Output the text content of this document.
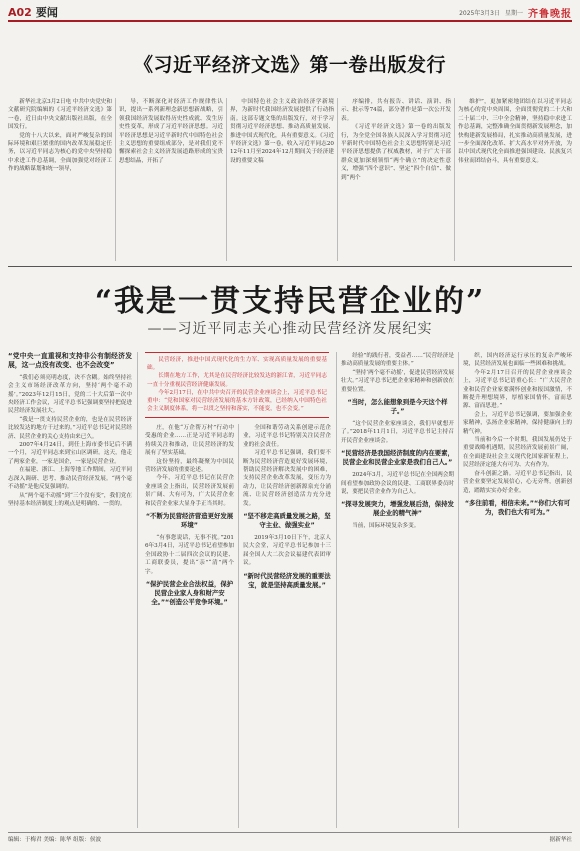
A02 要闻	2025年3月3日 星期一 齐鲁晚报
《习近平经济文选》第一卷出版发行

新华社北京3月2日电 中共中央党史和文献研究院编辑的《习近平经济文选》第一卷，近日由中央文献出版社出版，在全国发行。

党的十八大以来，面对严峻复杂的国际环境和艰巨繁重的国内改革发展稳定任务，以习近平同志为核心的党中央坚持稳中求进工作总基调，全面加强党对经济工作的战略谋划和统一领导，

导，不断深化对经济工作规律性认识，提出一系列新理念新思想新战略，引领我国经济发展取得历史性成就、发生历史性变革，形成了习近平经济思想。习近平经济思想是习近平新时代中国特色社会主义思想的重要组成部分，是对我们党不懈探索社会主义经济发展道路形成的宝贵思想结晶，开拓了

中国特色社会主义政治经济学新境界，为新时代我国经济发展提供了行动指南。这部专题文集的出版发行，对于学习贯彻习近平经济思想、推动高质量发展、推进中国式现代化，具有重要意义。《习近平经济文选》第一卷，收入习近平同志2012年11月至2024年12月期间关于经济建设的重要文稿

序编排，共有报告、讲话、演讲、指示、批示等74篇，部分著作是第一次公开发表。

《习近平经济文选》第一卷的出版发行，为全党全国各族人民深入学习贯彻习近平新时代中国特色社会主义思想特别是习近平经济思想提供了权威教材，对于广大干部群众更加深刻领悟“两个确立”的决定性意义，增强“四个意识”、坚定“四个自信”、做到“两个

维护”，更加紧密地团结在以习近平同志为核心的党中央周围，全面贯彻党的二十大和二十届二中、三中全会精神，坚持稳中求进工作总基调，完整准确全面贯彻新发展理念，加快构建新发展格局，扎实推动高质量发展，进一步全面深化改革、扩大高水平对外开放，为以中国式现代化全面推进强国建设、民族复兴伟业而团结奋斗，具有重要意义。

“我是一贯支持民营企业的”
——习近平同志关心推动民营经济发展纪实

“党中央一直重视和支持非公有制经济发展，这一点没有改变、也不会改变”

“我们必须亮明态度，决不含糊。始终坚持社会主义市场经济改革方向，坚持‘两个毫不动摇’。”2023年12月15日，党的二十大后第一次中央经济工作会议，习近平总书记强调要坚持把促进民营经济发展壮大。

“我是一贯支持民营企业的，也是在民营经济比较发达的地方干过来的。”习近平总书记对民营经济、民营企业的关心支持由来已久。

2007年4月24日，到任上海市委书记后不满一个月，习近平同志来到宝山区调研。这天，他走了两家企业，一家是国企，一家是民营企业。

在福建、浙江、上海等地工作期间，习近平同志深入调研、思考、推动民营经济发展。“两个毫不动摇”是他反复强调的。

从“两个毫不动摇”到“三个没有变”，我们党在坚持基本经济制度上的观点是明确的、一贯的。

民营经济，推进中国式现代化的生力军、实现高质量发展的重要基础。

长期在地方工作，尤其是在民营经济比较发达的浙江省，习近平同志一直十分重视民营经济健康发展。

今年2月17日，在中共中央召开的民营企业座谈会上，习近平总书记重申：“党和国家对民营经济发展的基本方针政策，已经纳入中国特色社会主义制度体系，将一以贯之坚持和落实，不能变，也不会变。”

庄，在他“万企帮万村”行动中受惠的企业……正是习近平同志的持续关注和推动，让民营经济的发展有了坚实基础。

这份坚持，最终凝聚为中国民营经济发展的重要论述。

今年，习近平总书记在民营企业座谈会上指出，民营经济发展前景广阔、大有可为，广大民营企业和民营企业家大显身手正当其时。

“不断为民营经济营造更好发展环境”

“有事您说话，无事不扰。”2016年3月4日，习近平总书记看望参加全国政协十二届四次会议的民建、工商联委员，提出“亲”“清”两个字。

“保护民营企业合法权益，保护民营企业家人身和财产安全。”“创造公平竞争环境。”

全国和谐劳动关系创建示范企业，习近平总书记特别关注民营企业的社会责任。

习近平总书记强调，我们要不断为民营经济营造更好发展环境，帮助民营经济解决发展中的困难，支持民营企业改革发展，变压力为动力，让民营经济创新源泉充分涌流、让民营经济创造活力充分迸发。

“坚不移走高质量发展之路，坚守主业、做强实业”

2019年3月10日下午，北京人民大会堂，习近平总书记参加十三届全国人大二次会议福建代表团审议。

“新时代民营经济发展的重要法宝，就是坚持高质量发展。”

经验”的践行者，受益者……“民营经济是推动高质量发展的重要主体。”

“坚持‘两个毫不动摇’，促进民营经济发展壮大。”习近平总书记把企业家精神和创新放在重要位置。

“当时，怎么能想象到是今天这个样子。”

“这个民营企业家座谈会，我们早就想开了。”2018年11月1日，习近平总书记主持召开民营企业座谈会。

“民营经济是我国经济制度的内在要素，民营企业和民营企业家是我们自己人。”

2024年3月，习近平总书记在全国两会期间看望参加政协会议的民建、工商联界委员时说，要把民营企业作为自己人。

“探寻发展突力，增强发展后劲，保持发展企业的精气神”

当前，国际环境复杂多变。

织，国内经济运行承压的复杂严峻环境，民营经济发展也面临一些困难和挑战。

今年2月17日召开的民营企业座谈会上，习近平总书记语重心长：“广大民营企业和民营企业家要满怀创业和报国激情，不断提升理想境界，厚植家国情怀，富而思源、富而思进。”

会上，习近平总书记强调，要加强企业家精神，弘扬企业家精神，保持健康向上的精气神。

当前和今后一个时期，我国发展仍处于重要战略机遇期，民营经济发展前景广阔，在全面建设社会主义现代化国家新征程上，民营经济定能大有可为、大有作为。

奋斗创新之路。习近平总书记指出，民营企业要坚定发展信心，心无旁骛，创新创造，踏踏实实办好企业。

“多往前看，相信未来。”“你们大有可为，我们也大有可为。”

编辑：于梅君 美编：陈华 组版：侯波	据新华社
